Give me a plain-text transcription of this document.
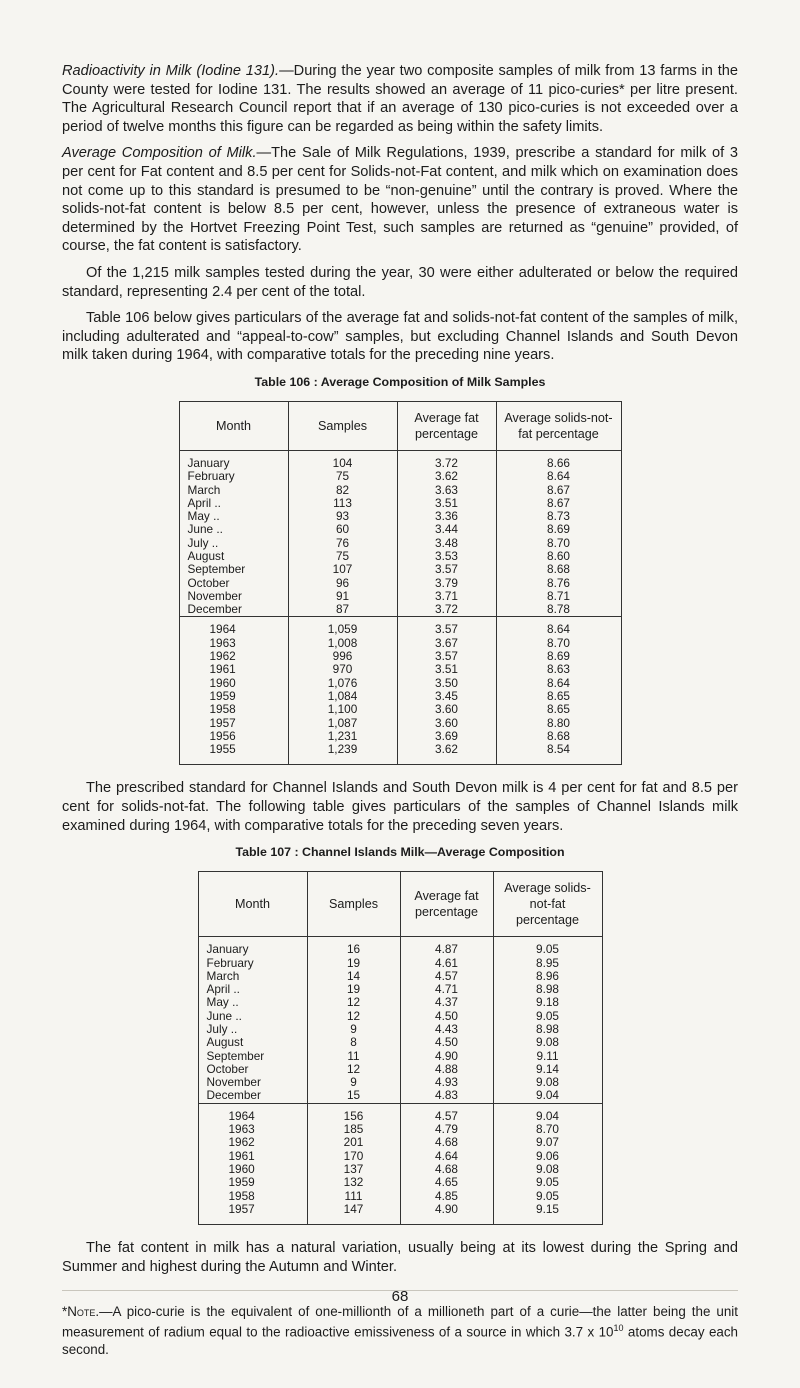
Radioactivity in Milk (Iodine 131).—During the year two composite samples of milk from 13 farms in the County were tested for Iodine 131. The results showed an average of 11 pico-curies* per litre present. The Agricultural Research Council report that if an average of 130 pico-curies is not exceeded over a period of twelve months this figure can be regarded as being within the safety limits.

Average Composition of Milk.—The Sale of Milk Regulations, 1939, prescribe a standard for milk of 3 per cent for Fat content and 8.5 per cent for Solids-not-Fat content, and milk which on examination does not come up to this standard is presumed to be “non-genuine” until the contrary is proved. Where the solids-not-fat content is below 8.5 per cent, however, unless the presence of extraneous water is determined by the Hortvet Freezing Point Test, such samples are returned as “genuine” provided, of course, the fat content is satisfactory.

Of the 1,215 milk samples tested during the year, 30 were either adulterated or below the required standard, representing 2.4 per cent of the total.

Table 106 below gives particulars of the average fat and solids-not-fat content of the samples of milk, including adulterated and “appeal-to-cow” samples, but excluding Channel Islands and South Devon milk taken during 1964, with comparative totals for the preceding nine years.

Table 106 : Average Composition of Milk Samples
Month	Samples	Average fat percentage	Average solids-not-fat percentage
January	104	3.72	8.66
February	75	3.62	8.64
March	82	3.63	8.67
April ..	113	3.51	8.67
May ..	93	3.36	8.73
June ..	60	3.44	8.69
July ..	76	3.48	8.70
August	75	3.53	8.60
September	107	3.57	8.68
October	96	3.79	8.76
November	91	3.71	8.71
December	87	3.72	8.78
1964	1,059	3.57	8.64
1963	1,008	3.67	8.70
1962	996	3.57	8.69
1961	970	3.51	8.63
1960	1,076	3.50	8.64
1959	1,084	3.45	8.65
1958	1,100	3.60	8.65
1957	1,087	3.60	8.80
1956	1,231	3.69	8.68
1955	1,239	3.62	8.54

The prescribed standard for Channel Islands and South Devon milk is 4 per cent for fat and 8.5 per cent for solids-not-fat. The following table gives particulars of the samples of Channel Islands milk examined during 1964, with comparative totals for the preceding seven years.

Table 107 : Channel Islands Milk—Average Composition
Month	Samples	Average fat percentage	Average solids-not-fat percentage
January	16	4.87	9.05
February	19	4.61	8.95
March	14	4.57	8.96
April ..	19	4.71	8.98
May ..	12	4.37	9.18
June ..	12	4.50	9.05
July ..	9	4.43	8.98
August	8	4.50	9.08
September	11	4.90	9.11
October	12	4.88	9.14
November	9	4.93	9.08
December	15	4.83	9.04
1964	156	4.57	9.04
1963	185	4.79	8.70
1962	201	4.68	9.07
1961	170	4.64	9.06
1960	137	4.68	9.08
1959	132	4.65	9.05
1958	111	4.85	9.05
1957	147	4.90	9.15

The fat content in milk has a natural variation, usually being at its lowest during the Spring and Summer and highest during the Autumn and Winter.

*Note.—A pico-curie is the equivalent of one-millionth of a millioneth part of a curie—the latter being the unit measurement of radium equal to the radioactive emissiveness of a source in which 3.7 x $10^{10}$ atoms decay each second.
68
